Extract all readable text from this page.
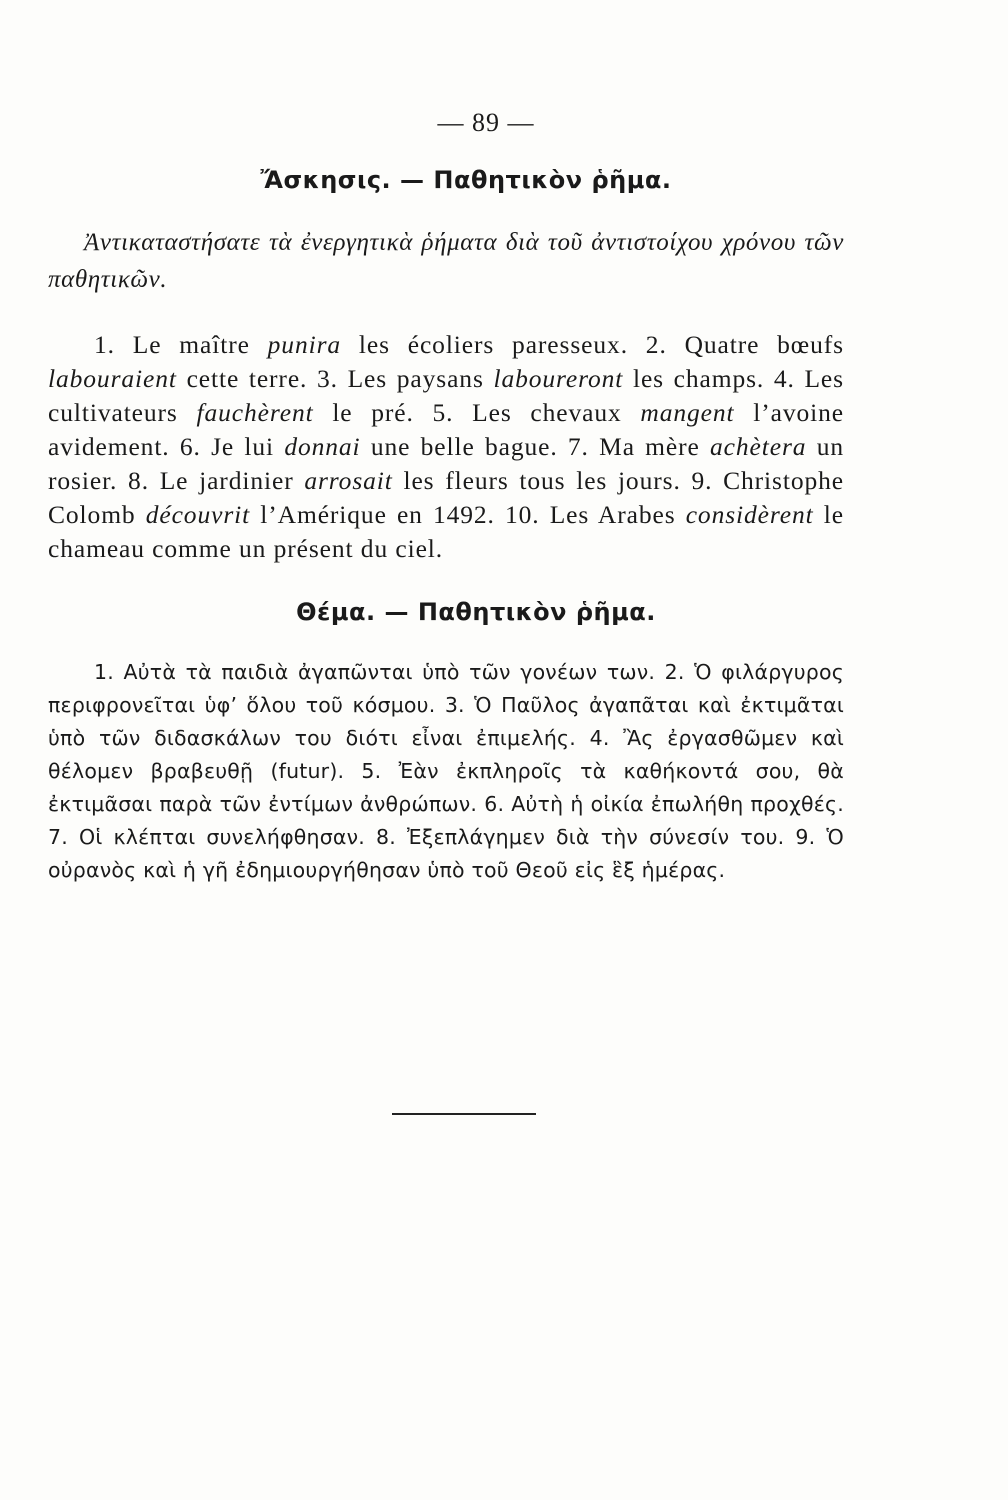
— 89 —
Ἄσκησις. — Παθητικὸν ῥῆμα.

Ἀντικαταστήσατε τὰ ἐνεργητικὰ ῥήματα διὰ τοῦ ἀντιστοίχου χρόνου τῶν παθητικῶν.

1. Le maître punira les écoliers paresseux. 2. Quatre bœufs labouraient cette terre. 3. Les paysans laboureront les champs. 4. Les cultivateurs fauchèrent le pré. 5. Les chevaux mangent l’avoine avidement. 6. Je lui donnai une belle bague. 7. Ma mère achètera un rosier. 8. Le jardinier arrosait les fleurs tous les jours. 9. Christophe Colomb découvrit l’Amérique en 1492. 10. Les Arabes considèrent le chameau comme un présent du ciel.

Θέμα. — Παθητικὸν ῥῆμα.

1. Αὐτὰ τὰ παιδιὰ ἀγαπῶνται ὑπὸ τῶν γονέων των. 2. Ὁ φιλάργυρος περιφρονεῖται ὑφ’ ὅλου τοῦ κόσμου. 3. Ὁ Παῦλος ἀγαπᾶται καὶ ἐκτιμᾶται ὑπὸ τῶν διδασκάλων του διότι εἶναι ἐπιμελής. 4. Ἂς ἐργασθῶμεν καὶ θέλομεν βραβευθῇ (futur). 5. Ἐὰν ἐκπληροῖς τὰ καθήκοντά σου, θὰ ἐκτιμᾶσαι παρὰ τῶν ἐντίμων ἀνθρώπων. 6. Αὐτὴ ἡ οἰκία ἐπωλήθη προχθές. 7. Οἱ κλέπται συνελήφθησαν. 8. Ἐξεπλάγημεν διὰ τὴν σύνεσίν του. 9. Ὁ οὐρανὸς καὶ ἡ γῆ ἐδημιουργήθησαν ὑπὸ τοῦ Θεοῦ εἰς ἓξ ἡμέρας.
